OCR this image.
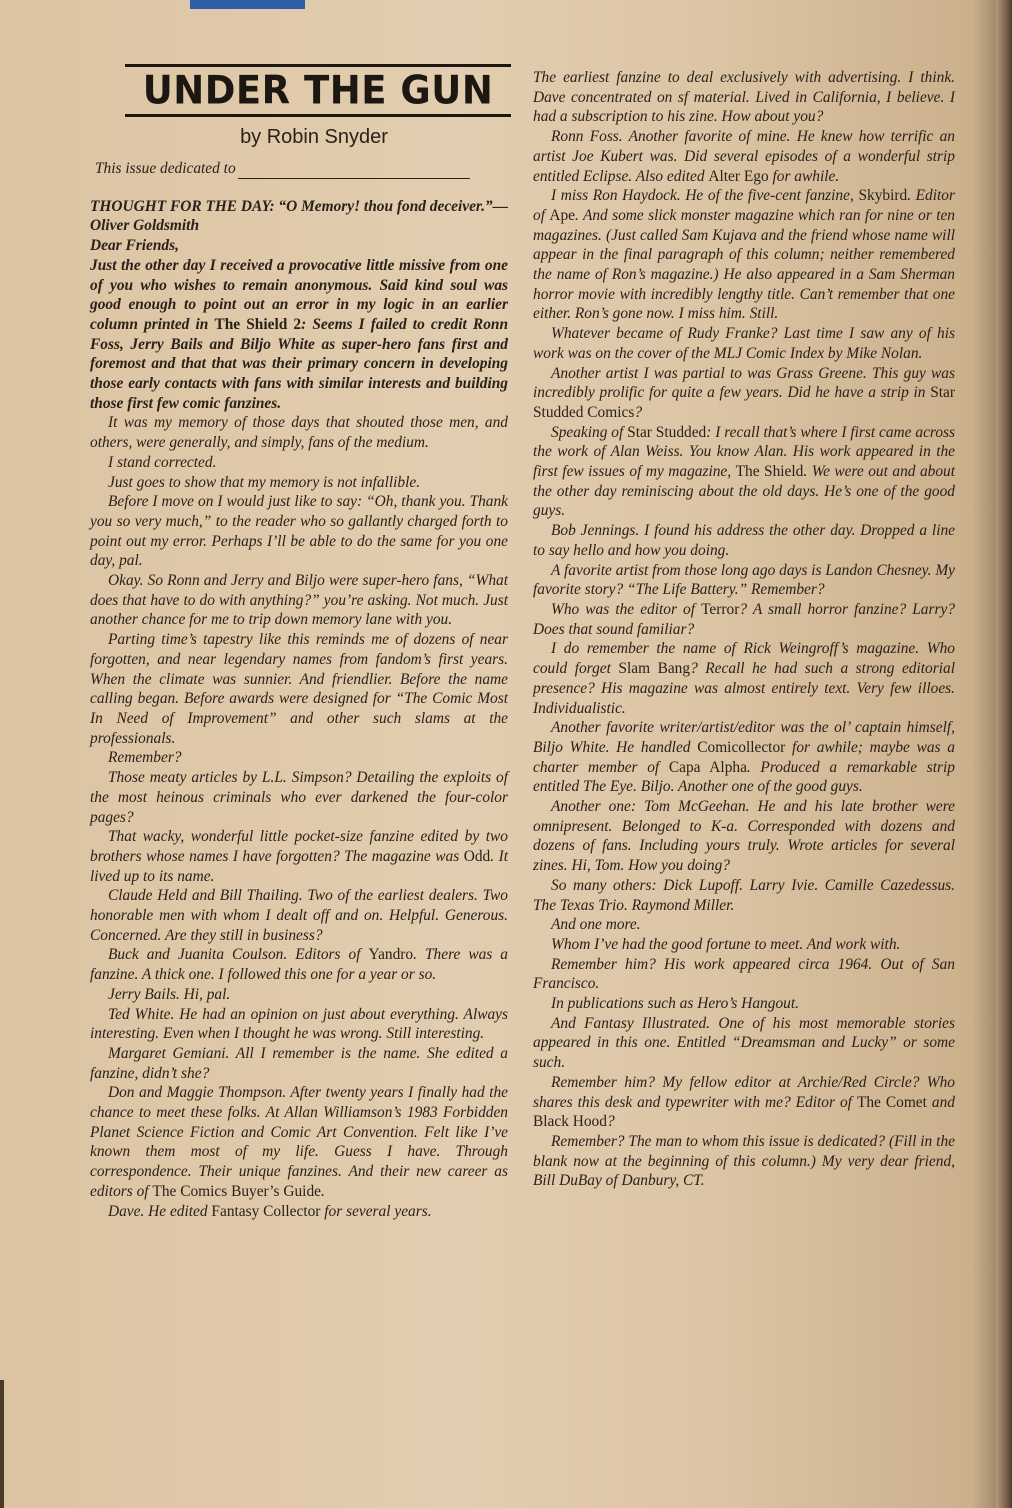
UNDER THE GUN
by Robin Snyder
This issue dedicated to

THOUGHT FOR THE DAY: “O Memory! thou fond deceiver.”—Oliver Goldsmith

Dear Friends,

Just the other day I received a provocative little missive from one of you who wishes to remain anonymous. Said kind soul was good enough to point out an error in my logic in an earlier column printed in The Shield 2: Seems I failed to credit Ronn Foss, Jerry Bails and Biljo White as super-hero fans first and foremost and that that was their primary concern in developing those early contacts with fans with similar interests and building those first few comic fanzines.

It was my memory of those days that shouted those men, and others, were generally, and simply, fans of the medium.

I stand corrected.

Just goes to show that my memory is not infallible.

Before I move on I would just like to say: “Oh, thank you. Thank you so very much,” to the reader who so gallantly charged forth to point out my error. Perhaps I’ll be able to do the same for you one day, pal.

Okay. So Ronn and Jerry and Biljo were super-hero fans, “What does that have to do with anything?” you’re asking. Not much. Just another chance for me to trip down memory lane with you.

Parting time’s tapestry like this reminds me of dozens of near forgotten, and near legendary names from fandom’s first years. When the climate was sunnier. And friendlier. Before the name calling began. Before awards were designed for “The Comic Most In Need of Improvement” and other such slams at the professionals.

Remember?

Those meaty articles by L.L. Simpson? Detailing the exploits of the most heinous criminals who ever darkened the four-color pages?

That wacky, wonderful little pocket-size fanzine edited by two brothers whose names I have forgotten? The magazine was Odd. It lived up to its name.

Claude Held and Bill Thailing. Two of the earliest dealers. Two honorable men with whom I dealt off and on. Helpful. Generous. Concerned. Are they still in business?

Buck and Juanita Coulson. Editors of Yandro. There was a fanzine. A thick one. I followed this one for a year or so.

Jerry Bails. Hi, pal.

Ted White. He had an opinion on just about everything. Always interesting. Even when I thought he was wrong. Still interesting.

Margaret Gemiani. All I remember is the name. She edited a fanzine, didn’t she?

Don and Maggie Thompson. After twenty years I finally had the chance to meet these folks. At Allan Williamson’s 1983 Forbidden Planet Science Fiction and Comic Art Convention. Felt like I’ve known them most of my life. Guess I have. Through correspondence. Their unique fanzines. And their new career as editors of The Comics Buyer’s Guide.

Dave. He edited Fantasy Collector for several years.

The earliest fanzine to deal exclusively with advertising. I think. Dave concentrated on sf material. Lived in California, I believe. I had a subscription to his zine. How about you?

Ronn Foss. Another favorite of mine. He knew how terrific an artist Joe Kubert was. Did several episodes of a wonderful strip entitled Eclipse. Also edited Alter Ego for awhile.

I miss Ron Haydock. He of the five-cent fanzine, Skybird. Editor of Ape. And some slick monster magazine which ran for nine or ten magazines. (Just called Sam Kujava and the friend whose name will appear in the final paragraph of this column; neither remembered the name of Ron’s magazine.) He also appeared in a Sam Sherman horror movie with incredibly lengthy title. Can’t remember that one either. Ron’s gone now. I miss him. Still.

Whatever became of Rudy Franke? Last time I saw any of his work was on the cover of the MLJ Comic Index by Mike Nolan.

Another artist I was partial to was Grass Greene. This guy was incredibly prolific for quite a few years. Did he have a strip in Star Studded Comics?

Speaking of Star Studded: I recall that’s where I first came across the work of Alan Weiss. You know Alan. His work appeared in the first few issues of my magazine, The Shield. We were out and about the other day reminiscing about the old days. He’s one of the good guys.

Bob Jennings. I found his address the other day. Dropped a line to say hello and how you doing.

A favorite artist from those long ago days is Landon Chesney. My favorite story? “The Life Battery.” Remember?

Who was the editor of Terror? A small horror fanzine? Larry? Does that sound familiar?

I do remember the name of Rick Weingroff’s magazine. Who could forget Slam Bang? Recall he had such a strong editorial presence? His magazine was almost entirely text. Very few illoes. Individualistic.

Another favorite writer/artist/editor was the ol’ captain himself, Biljo White. He handled Comicollector for awhile; maybe was a charter member of Capa Alpha. Produced a remarkable strip entitled The Eye. Biljo. Another one of the good guys.

Another one: Tom McGeehan. He and his late brother were omnipresent. Belonged to K-a. Corresponded with dozens and dozens of fans. Including yours truly. Wrote articles for several zines. Hi, Tom. How you doing?

So many others: Dick Lupoff. Larry Ivie. Camille Cazedessus. The Texas Trio. Raymond Miller.

And one more.

Whom I’ve had the good fortune to meet. And work with.

Remember him? His work appeared circa 1964. Out of San Francisco.

In publications such as Hero’s Hangout.

And Fantasy Illustrated. One of his most memorable stories appeared in this one. Entitled “Dreamsman and Lucky” or some such.

Remember him? My fellow editor at Archie/Red Circle? Who shares this desk and typewriter with me? Editor of The Comet and Black Hood?

Remember? The man to whom this issue is dedicated? (Fill in the blank now at the beginning of this column.) My very dear friend, Bill DuBay of Danbury, CT.
